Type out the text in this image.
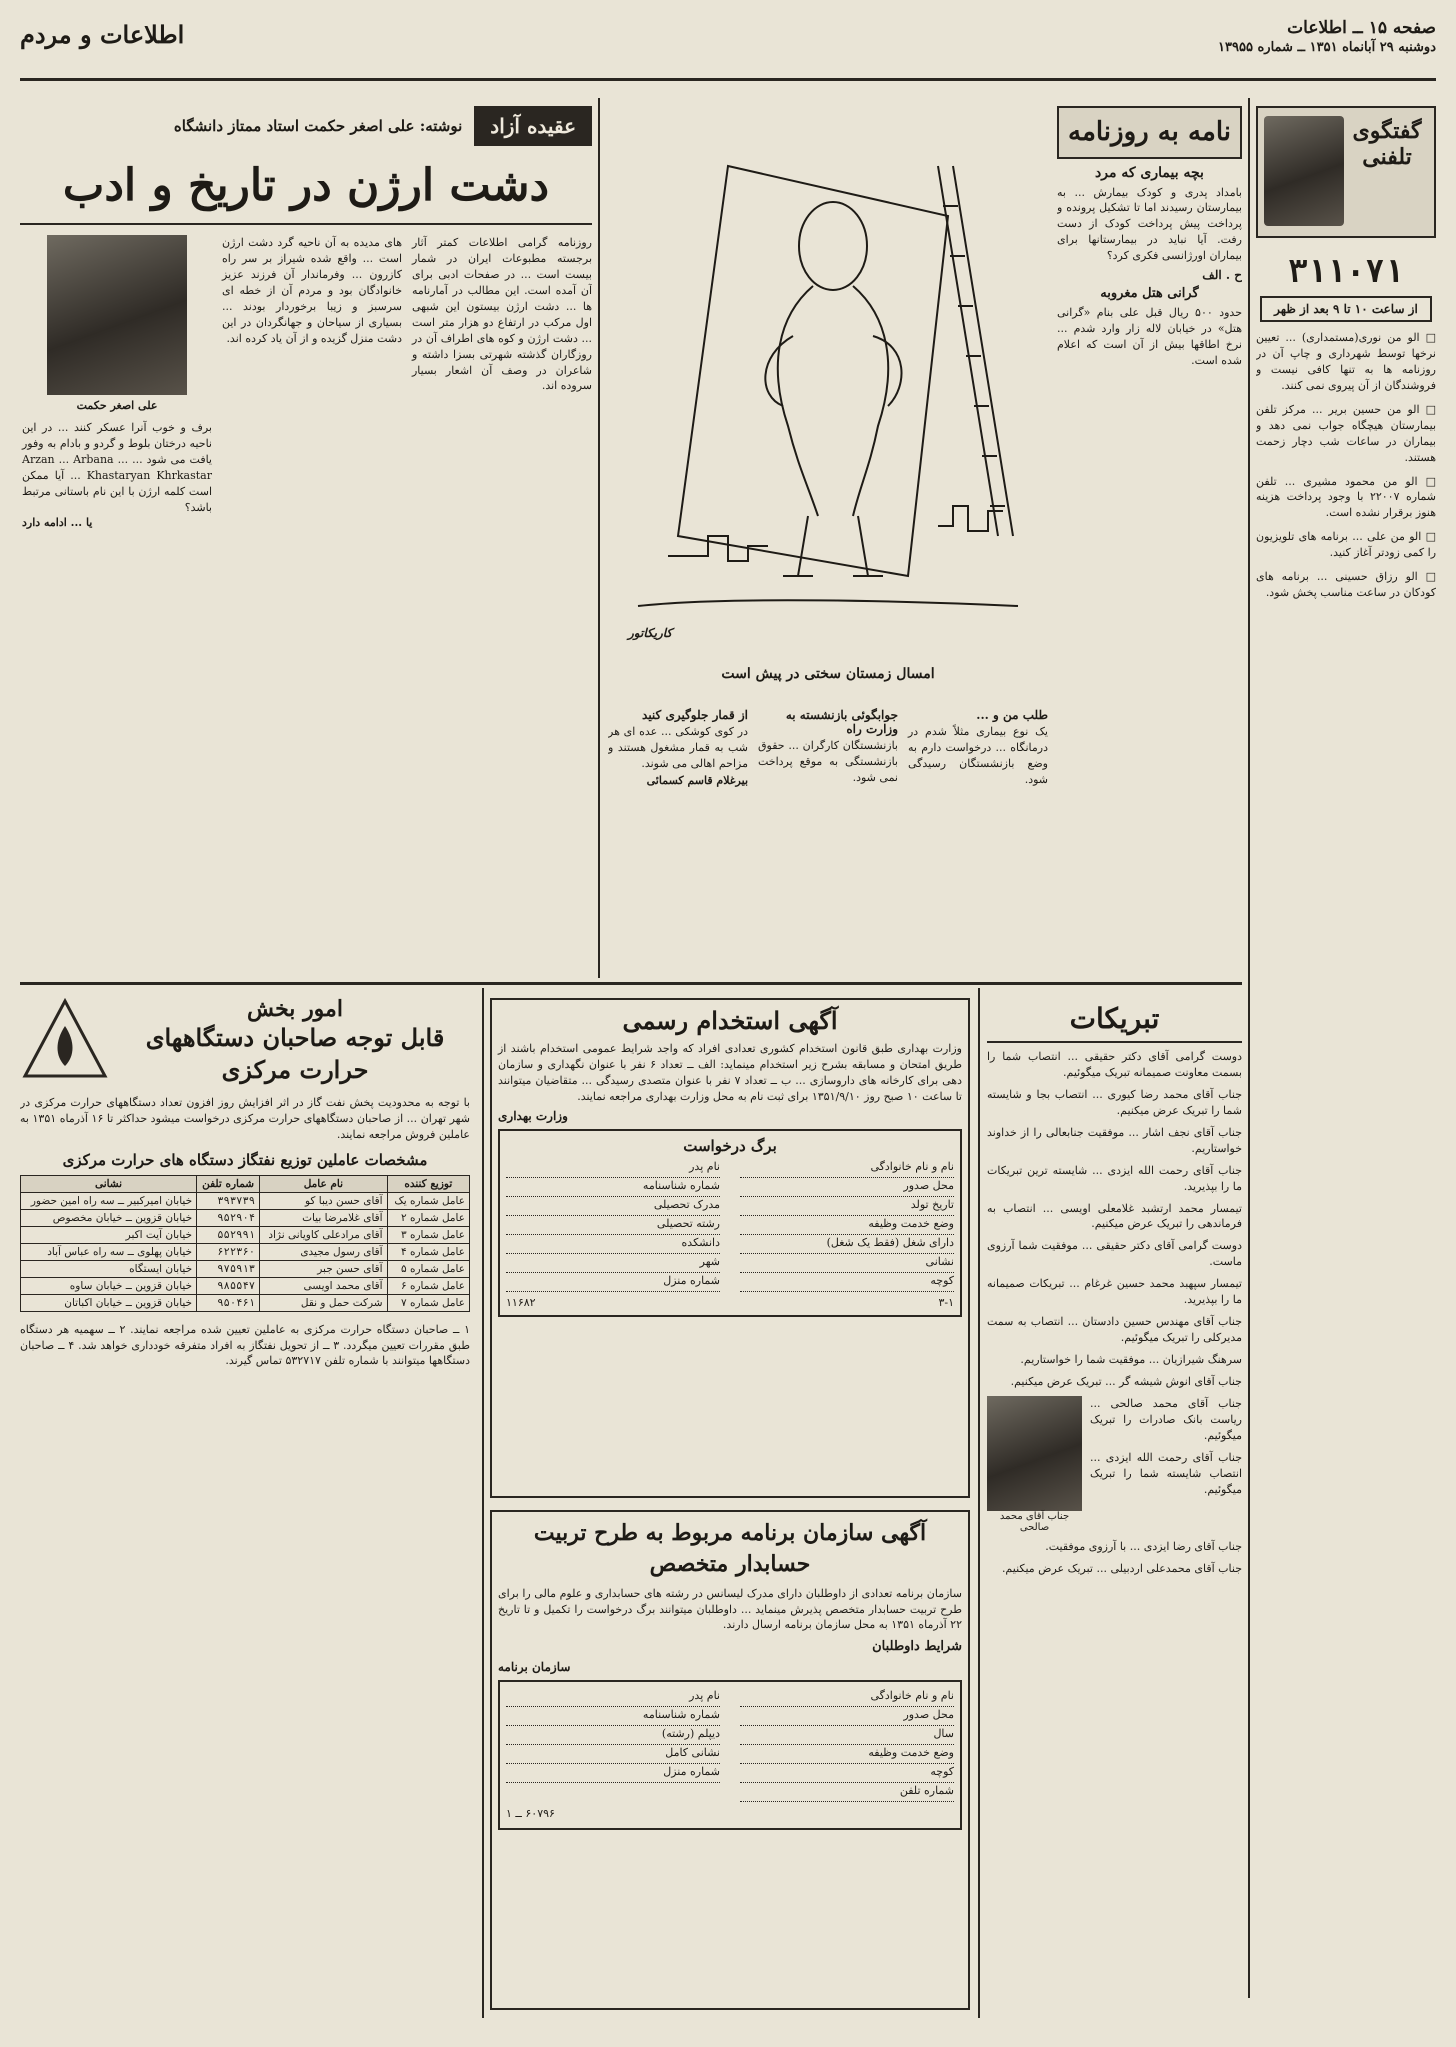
صفحه ۱۵ ــ اطلاعات
دوشنبه ۲۹ آبانماه ۱۳۵۱ ــ شماره ۱۳۹۵۵
اطلاعات و مردم
گفتگوی تلفنی
۳۱۱۰۷۱
از ساعت ۱۰ تا ۹ بعد از ظهر

□ الو من نوری(مستمداری) ... تعیین نرخها توسط شهرداری و چاپ آن در روزنامه ها به تنها کافی نیست و فروشندگان از آن پیروی نمی کنند.

□ الو من حسین بریر ... مرکز تلفن بیمارستان هیچگاه جواب نمی دهد و بیماران در ساعات شب دچار زحمت هستند.

□ الو من محمود مشیری ... تلفن شماره ۲۲۰۰۷ با وجود پرداخت هزینه هنوز برقرار نشده است.

□ الو من علی ... برنامه های تلویزیون را کمی زودتر آغاز کنید.

□ الو رزاق حسینی ... برنامه های کودکان در ساعت مناسب پخش شود.

نامه به روزنامه
بچه بیماری که مرد

بامداد پدری و کودک بیمارش ... به بیمارستان رسیدند اما تا تشکیل پرونده و پرداخت پیش پرداخت کودک از دست رفت. آیا نباید در بیمارستانها برای بیماران اورژانسی فکری کرد؟

ح . الف
گرانی هتل مغروبه

حدود ۵۰۰ ریال قبل علی بنام «گرانی هتل» در خیابان لاله زار وارد شدم ... نرخ اطاقها بیش از آن است که اعلام شده است.

کاریکاتور
امسال زمستان سختی در پیش است
طلب من و ...

یک نوع بیماری مثلاً شدم در درمانگاه ... درخواست دارم به وضع بازنشستگان رسیدگی شود.

جوابگوئی بازنشسته به وزارت راه

بازنشستگان کارگران ... حقوق بازنشستگی به موقع پرداخت نمی شود.

از قمار جلوگیری کنید

در کوی کوشکی ... عده ای هر شب به قمار مشغول هستند و مزاحم اهالی می شوند.

بیرغلام قاسم کسمائی
عقیده آزاد
نوشته: علی اصغر حکمت استاد ممتاز دانشگاه
دشت ارژن در تاریخ و ادب

روزنامه گرامی اطلاعات کمتر آثار برجسته مطبوعات ایران در شمار بیست است ... در صفحات ادبی برای آن آمده است. این مطالب در آمارنامه ها ... دشت ارژن بیستون این شبهی اول مرکب در ارتفاع دو هزار متر است ... دشت ارژن و کوه های اطراف آن در روزگاران گذشته شهرتی بسزا داشته و شاعران در وصف آن اشعار بسیار سروده اند.

های مدیده به آن ناحیه گرد دشت ارژن است ... واقع شده شیراز بر سر راه کازرون ... وفرماندار آن فرزند عزیز خانوادگان بود و مردم آن از خطه ای سرسبز و زیبا برخوردار بودند ... بسیاری از سیاحان و جهانگردان در این دشت منزل گزیده و از آن یاد کرده اند.

علی اصغر حکمت

برف و خوب آنرا عسکر کنند ... در این ناحیه درختان بلوط و گردو و بادام به وفور یافت می شود ... Arzan ... Arbana ... Khastaryan Khrkastar ... آیا ممکن است کلمه ارژن با این نام باستانی مرتبط باشد؟

یا ... ادامه دارد
تبریکات

دوست گرامی آقای دکتر حقیقی ... انتصاب شما را بسمت معاونت صمیمانه تبریک میگوئیم.

جناب آقای محمد رضا کیوری ... انتصاب بجا و شایسته شما را تبریک عرض میکنیم.

جناب آقای نجف اشار ... موفقیت جنابعالی را از خداوند خواستاریم.

جناب آقای رحمت الله ایزدی ... شایسته ترین تبریکات ما را بپذیرید.

تیمسار محمد ارتشبد غلامعلی اویسی ... انتصاب به فرماندهی را تبریک عرض میکنیم.

دوست گرامی آقای دکتر حقیقی ... موفقیت شما آرزوی ماست.

تیمسار سپهبد محمد حسین غرغام ... تبریکات صمیمانه ما را بپذیرید.

جناب آقای مهندس حسین دادستان ... انتصاب به سمت مدیرکلی را تبریک میگوئیم.

سرهنگ شیرازیان ... موفقیت شما را خواستاریم.

جناب آقای انوش شیشه گر ... تبریک عرض میکنیم.

جناب آقای محمد صالحی ... ریاست بانک صادرات را تبریک میگوئیم.

جناب آقای رحمت الله ایزدی ... انتصاب شایسته شما را تبریک میگوئیم.

جناب آقای محمد صالحی

جناب آقای رضا ایزدی ... با آرزوی موفقیت.

جناب آقای محمدعلی اردبیلی ... تبریک عرض میکنیم.

آگهی استخدام رسمی

وزارت بهداری طبق قانون استخدام کشوری تعدادی افراد که واجد شرایط عمومی استخدام باشند از طریق امتحان و مسابقه بشرح زیر استخدام مینماید: الف ــ تعداد ۶ نفر با عنوان نگهداری و سازمان دهی برای کارخانه های داروسازی ... ب ــ تعداد ۷ نفر با عنوان متصدی رسیدگی ... متقاضیان میتوانند تا ساعت ۱۰ صبح روز ۱۳۵۱/۹/۱۰ برای ثبت نام به محل وزارت بهداری مراجعه نمایند.

وزارت بهداری
برگ درخواست
نام و نام خانوادگی
محل صدور
تاریخ تولد
وضع خدمت وظیفه
دارای شغل (فقط یک شغل)
نشانی
کوچه
نام پدر
شماره شناسنامه
مدرک تحصیلی
رشته تحصیلی
دانشکده
شهر
شماره منزل
۳-۱
۱۱۶۸۲
آگهی سازمان برنامه مربوط به طرح تربیت حسابدار متخصص

سازمان برنامه تعدادی از داوطلبان دارای مدرک لیسانس در رشته های حسابداری و علوم مالی را برای طرح تربیت حسابدار متخصص پذیرش مینماید ... داوطلبان میتوانند برگ درخواست را تکمیل و تا تاریخ ۲۲ آذرماه ۱۳۵۱ به محل سازمان برنامه ارسال دارند.

شرایط داوطلبان
سازمان برنامه
نام و نام خانوادگی
محل صدور
سال
وضع خدمت وظیفه
کوچه
شماره تلفن
نام پدر
شماره شناسنامه
دیپلم (رشته)
نشانی کامل
شماره منزل
۶۰۷۹۶ ــ ۱
امور بخش
قابل توجه صاحبان دستگاههای حرارت مرکزی

با توجه به محدودیت پخش نفت گاز در اثر افزایش روز افزون تعداد دستگاههای حرارت مرکزی در شهر تهران ... از صاحبان دستگاههای حرارت مرکزی درخواست میشود حداکثر تا ۱۶ آذرماه ۱۳۵۱ به عاملین فروش مراجعه نمایند.

مشخصات عاملین توزیع نفتگاز دستگاه های حرارت مرکزی
توزیع کننده	نام عامل	شماره تلفن	نشانی
عامل شماره یک	آقای حسن دیبا کو	۳۹۳۷۳۹	خیابان امیرکبیر ــ سه راه امین حضور
عامل شماره ۲	آقای غلامرضا بیات	۹۵۲۹۰۴	خیابان قزوین ــ خیابان مخصوص
عامل شماره ۳	آقای مرادعلی کاویانی نژاد	۵۵۲۹۹۱	خیابان آیت اکبر
عامل شماره ۴	آقای رسول مجیدی	۶۲۲۳۶۰	خیابان پهلوی ــ سه راه عباس آباد
عامل شماره ۵	آقای حسن جبر	۹۷۵۹۱۳	خیابان ایستگاه
عامل شماره ۶	آقای محمد اویسی	۹۸۵۵۴۷	خیابان قزوین ــ خیابان ساوه
عامل شماره ۷	شرکت حمل و نقل	۹۵۰۴۶۱	خیابان قزوین ــ خیابان اکباتان

۱ ــ صاحبان دستگاه حرارت مرکزی به عاملین تعیین شده مراجعه نمایند. ۲ ــ سهمیه هر دستگاه طبق مقررات تعیین میگردد. ۳ ــ از تحویل نفتگاز به افراد متفرقه خودداری خواهد شد. ۴ ــ صاحبان دستگاهها میتوانند با شماره تلفن ۵۳۲۷۱۷ تماس گیرند.
